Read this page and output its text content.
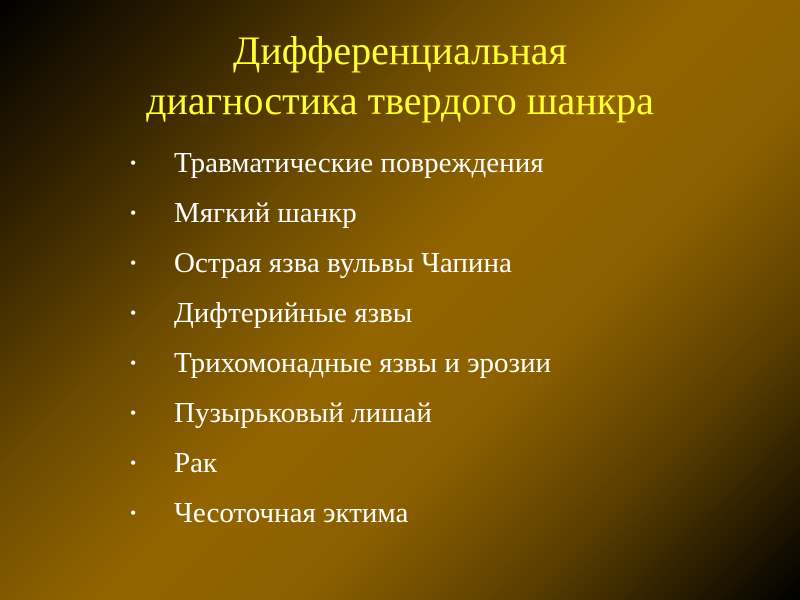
Дифференциальная
диагностика твердого шанкра
•	Травматические повреждения
•	Мягкий шанкр
•	Острая язва вульвы Чапина
•	Дифтерийные язвы
•	Трихомонадные язвы и эрозии
•	Пузырьковый лишай
•	Рак
•	Чесоточная эктима
